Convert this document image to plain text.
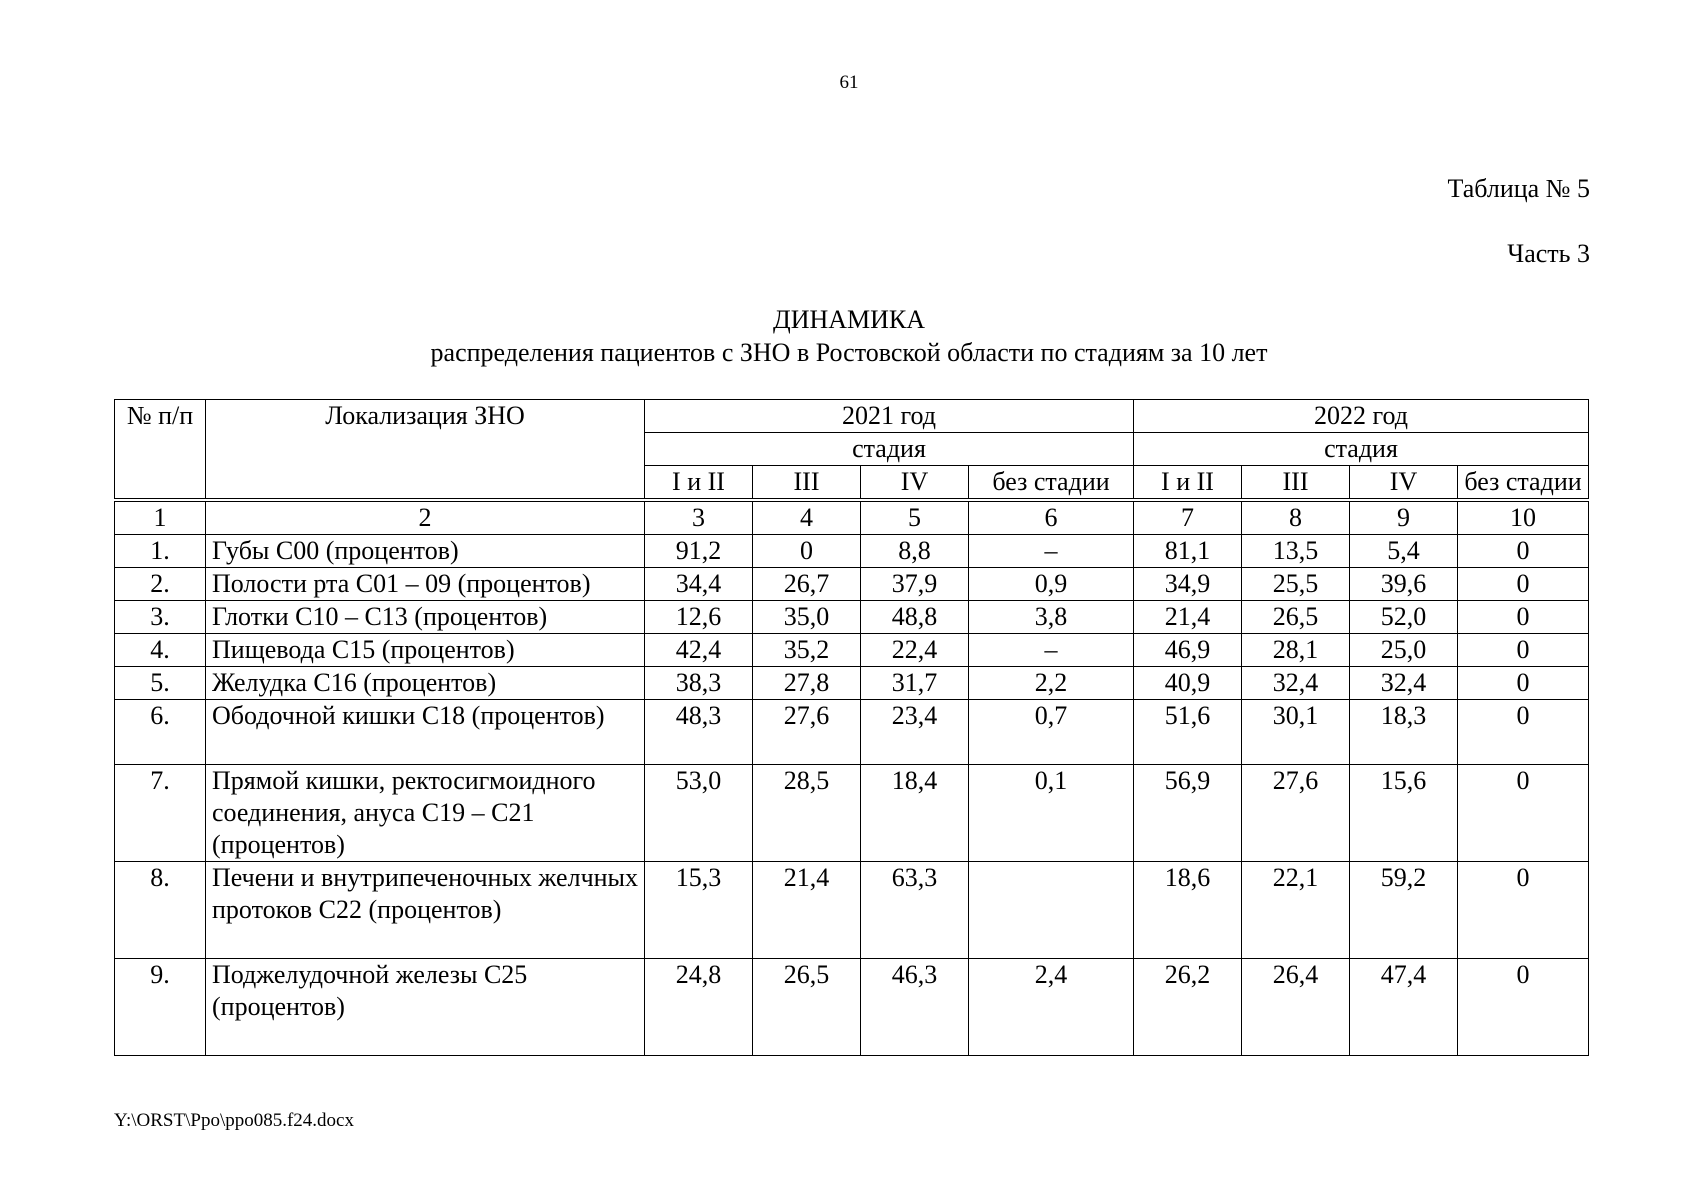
61
Таблица № 5
Часть 3
ДИНАМИКА
распределения пациентов с ЗНО в Ростовской области по стадиям за 10 лет
№ п/п	Локализация ЗНО	2021 год				2022 год			
		стадия				стадия			
		I и II	III	IV	без стадии	I и II	III	IV	без стадии
1	2	3	4	5	6	7	8	9	10
1.	Губы C00 (процентов)	91,2	0	8,8	–	81,1	13,5	5,4	0
2.	Полости рта C01 – 09 (процентов)	34,4	26,7	37,9	0,9	34,9	25,5	39,6	0
3.	Глотки C10 – C13 (процентов)	12,6	35,0	48,8	3,8	21,4	26,5	52,0	0
4.	Пищевода C15 (процентов)	42,4	35,2	22,4	–	46,9	28,1	25,0	0
5.	Желудка C16 (процентов)	38,3	27,8	31,7	2,2	40,9	32,4	32,4	0
6.	Ободочной кишки C18 (процентов)	48,3	27,6	23,4	0,7	51,6	30,1	18,3	0
7.	Прямой кишки, ректосигмоидного соединения, ануса C19 – C21 (процентов)	53,0	28,5	18,4	0,1	56,9	27,6	15,6	0
8.	Печени и внутрипеченочных желчных протоков C22 (процентов)	15,3	21,4	63,3		18,6	22,1	59,2	0
9.	Поджелудочной железы C25 (процентов)	24,8	26,5	46,3	2,4	26,2	26,4	47,4	0
Y:\ORST\Ppo\ppo085.f24.docx
